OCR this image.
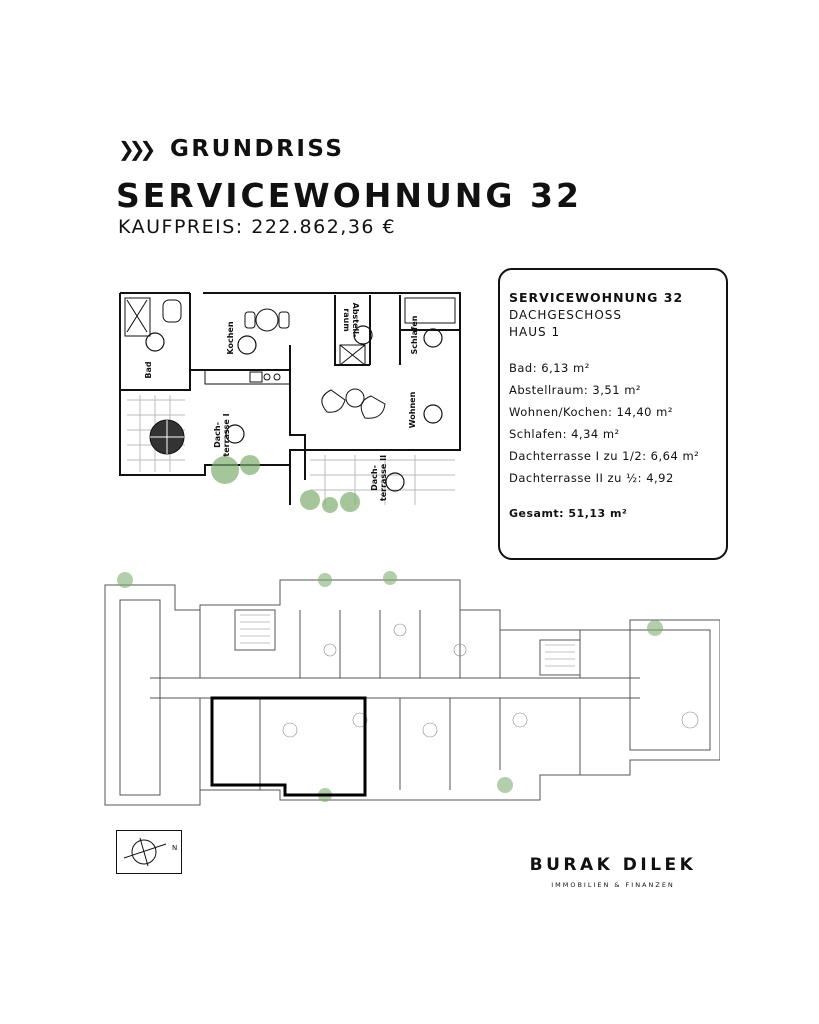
❯❯❯ GRUNDRISS
SERVICEWOHNUNG 32
KAUFPREIS: 222.862,36 €
Bad
Kochen
Abstell-raum	Schlafen
Wohnen
Dach-terrasse I
Dach-terrasse II
SERVICEWOHNUNG 32
DACHGESCHOSS
HAUS 1
Bad: 6,13 m²
Abstellraum: 3,51 m²
Wohnen/Kochen: 14,40 m²
Schlafen: 4,34 m²
Dachterrasse I zu 1/2: 6,64 m²
Dachterrasse II zu ½: 4,92
Gesamt: 51,13 m²
N
BURAK DILEK
IMMOBILIEN & FINANZEN
